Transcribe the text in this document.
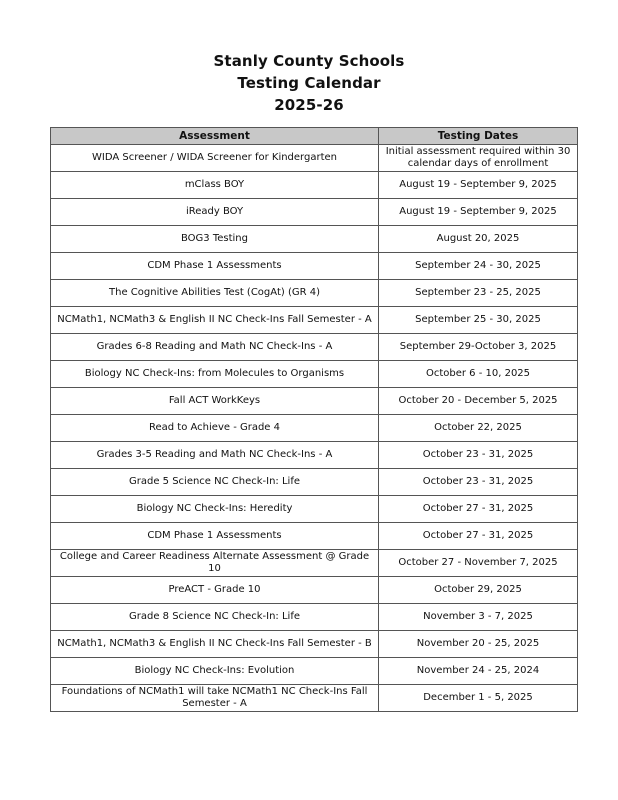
Stanly County Schools
Testing Calendar
2025-26
Assessment	Testing Dates
WIDA Screener / WIDA Screener for Kindergarten	Initial assessment required within 30 calendar days of enrollment
mClass BOY	August 19 - September 9, 2025
iReady BOY	August 19 - September 9, 2025
BOG3 Testing	August 20, 2025
CDM Phase 1 Assessments	September 24 - 30, 2025
The Cognitive Abilities Test (CogAt) (GR 4)	September 23 - 25, 2025
NCMath1, NCMath3 & English II NC Check-Ins Fall Semester - A	September 25 - 30, 2025
Grades 6-8 Reading and Math NC Check-Ins - A	September 29-October 3, 2025
Biology NC Check-Ins: from Molecules to Organisms	October 6 - 10, 2025
Fall ACT WorkKeys	October 20 - December 5, 2025
Read to Achieve - Grade 4	October 22, 2025
Grades 3-5 Reading and Math NC Check-Ins - A	October 23 - 31, 2025
Grade 5 Science NC Check-In: Life	October 23 - 31, 2025
Biology NC Check-Ins: Heredity	October 27 - 31, 2025
CDM Phase 1 Assessments	October 27 - 31, 2025
College and Career Readiness Alternate Assessment @ Grade 10	October 27 - November 7, 2025
PreACT - Grade 10	October 29, 2025
Grade 8 Science NC Check-In: Life	November 3 - 7, 2025
NCMath1, NCMath3 & English II NC Check-Ins Fall Semester - B	November 20 - 25, 2025
Biology NC Check-Ins: Evolution	November 24 - 25, 2024
Foundations of NCMath1 will take NCMath1 NC Check-Ins Fall Semester - A	December 1 - 5, 2025
